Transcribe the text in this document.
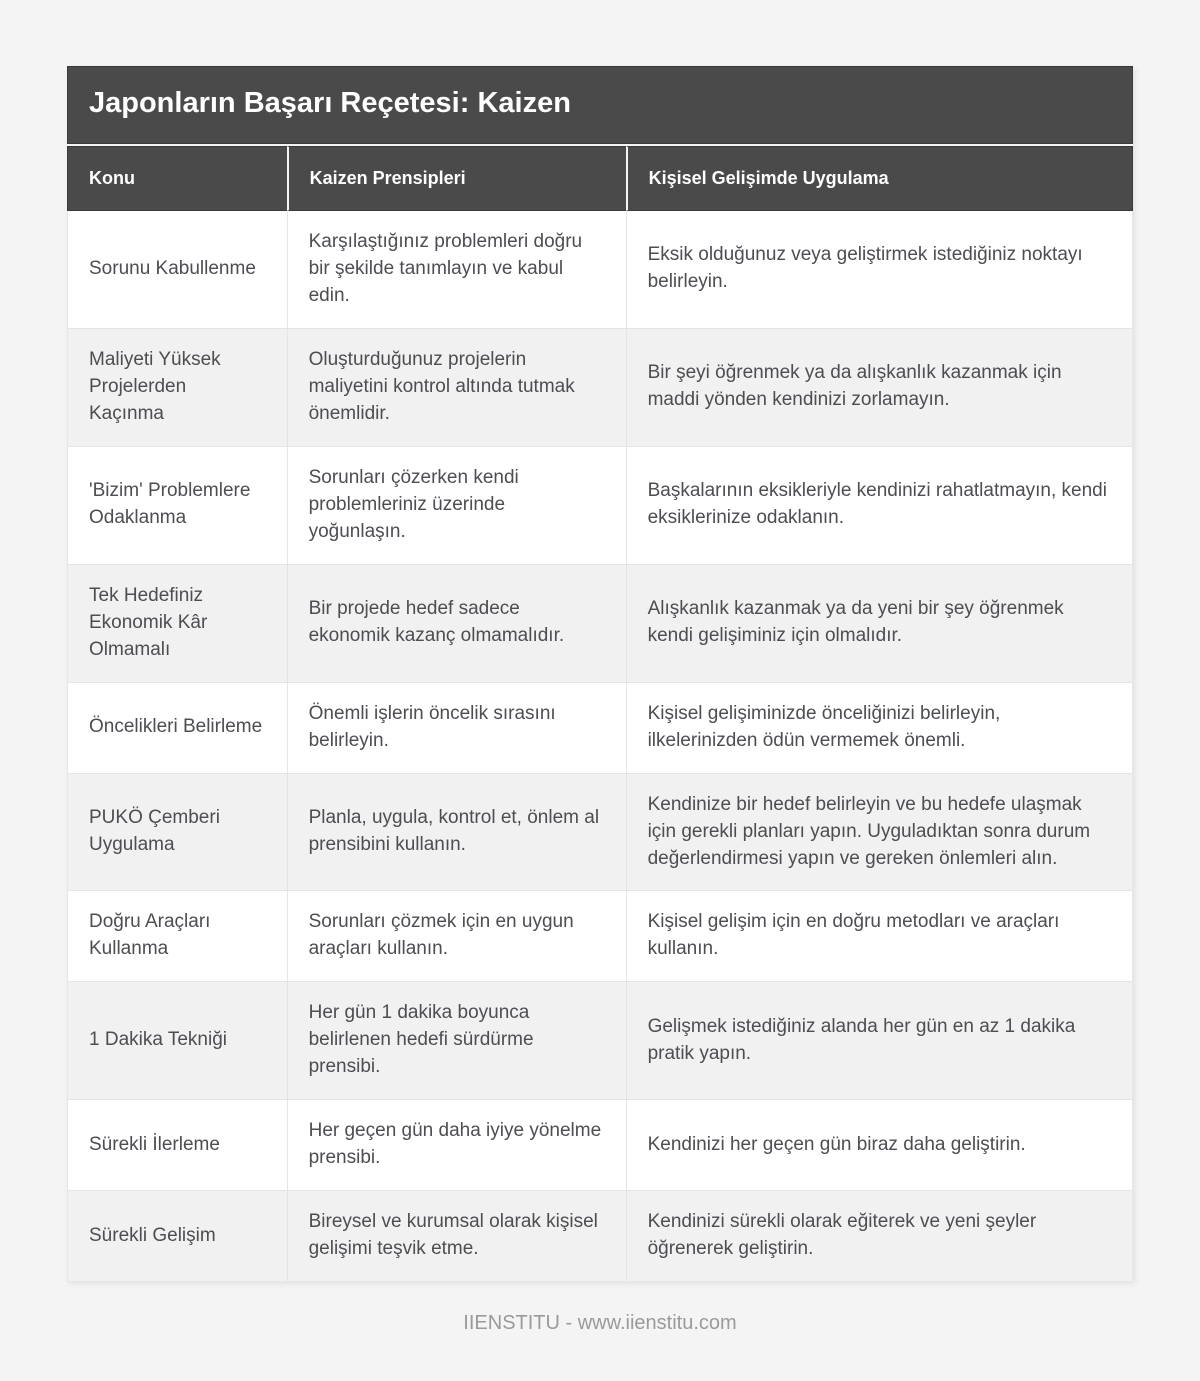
Japonların Başarı Reçetesi: Kaizen
Konu	Kaizen Prensipleri	Kişisel Gelişimde Uygulama
Sorunu Kabullenme	Karşılaştığınız problemleri doğru bir şekilde tanımlayın ve kabul edin.	Eksik olduğunuz veya geliştirmek istediğiniz noktayı belirleyin.
Maliyeti Yüksek Projelerden Kaçınma	Oluşturduğunuz projelerin maliyetini kontrol altında tutmak önemlidir.	Bir şeyi öğrenmek ya da alışkanlık kazanmak için maddi yönden kendinizi zorlamayın.
'Bizim' Problemlere Odaklanma	Sorunları çözerken kendi problemleriniz üzerinde yoğunlaşın.	Başkalarının eksikleriyle kendinizi rahatlatmayın, kendi eksiklerinize odaklanın.
Tek Hedefiniz Ekonomik Kâr Olmamalı	Bir projede hedef sadece ekonomik kazanç olmamalıdır.	Alışkanlık kazanmak ya da yeni bir şey öğrenmek kendi gelişiminiz için olmalıdır.
Öncelikleri Belirleme	Önemli işlerin öncelik sırasını belirleyin.	Kişisel gelişiminizde önceliğinizi belirleyin, ilkelerinizden ödün vermemek önemli.
PUKÖ Çemberi Uygulama	Planla, uygula, kontrol et, önlem al prensibini kullanın.	Kendinize bir hedef belirleyin ve bu hedefe ulaşmak için gerekli planları yapın. Uyguladıktan sonra durum değerlendirmesi yapın ve gereken önlemleri alın.
Doğru Araçları Kullanma	Sorunları çözmek için en uygun araçları kullanın.	Kişisel gelişim için en doğru metodları ve araçları kullanın.
1 Dakika Tekniği	Her gün 1 dakika boyunca belirlenen hedefi sürdürme prensibi.	Gelişmek istediğiniz alanda her gün en az 1 dakika pratik yapın.
Sürekli İlerleme	Her geçen gün daha iyiye yönelme prensibi.	Kendinizi her geçen gün biraz daha geliştirin.
Sürekli Gelişim	Bireysel ve kurumsal olarak kişisel gelişimi teşvik etme.	Kendinizi sürekli olarak eğiterek ve yeni şeyler öğrenerek geliştirin.
IIENSTITU - www.iienstitu.com
